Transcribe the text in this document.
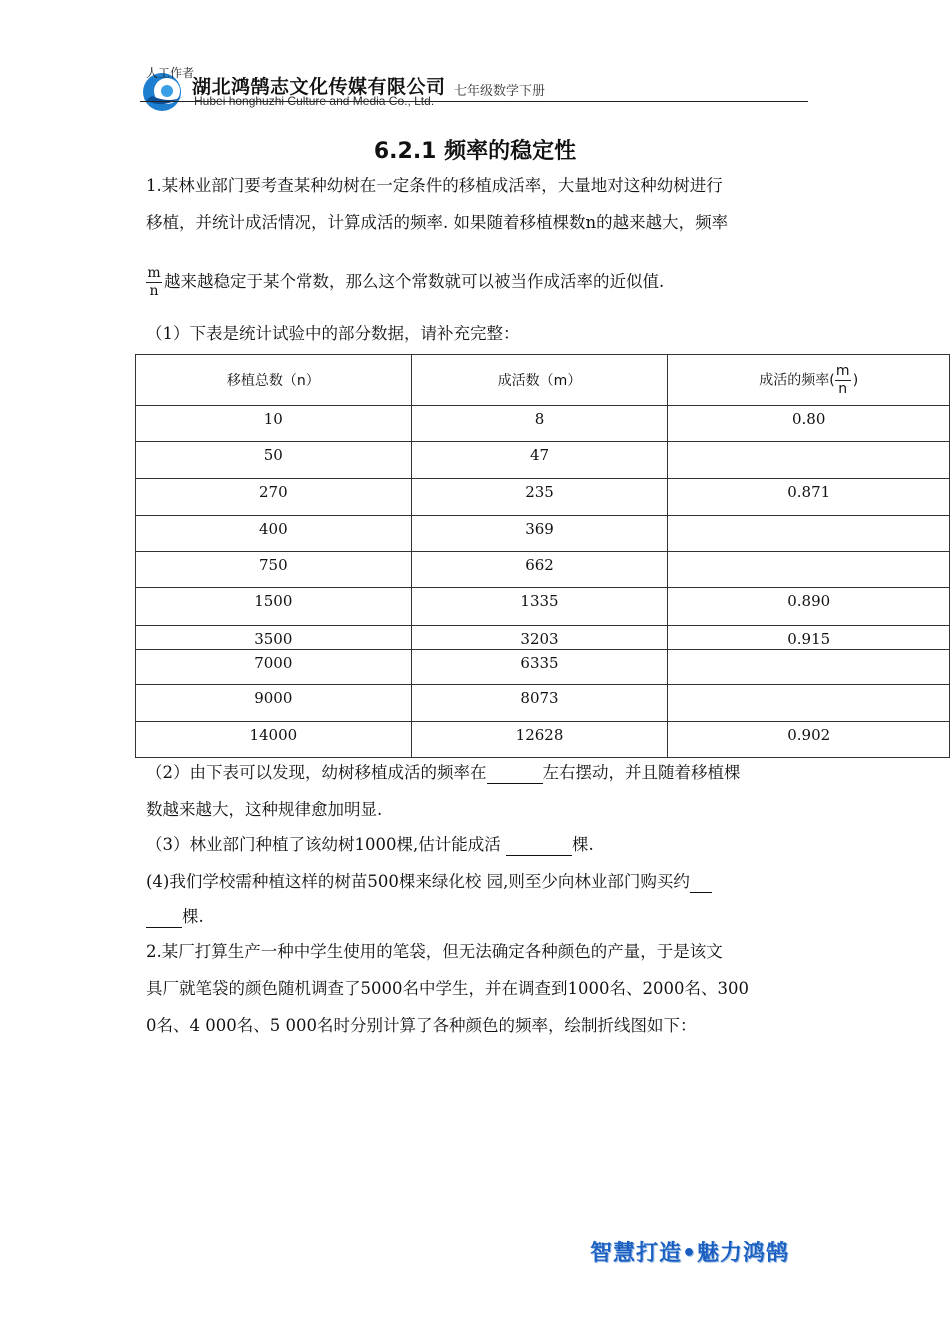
人工作者
湖北鸿鹄志文化传媒有限公司
Hubei honghuzhi Culture and Media Co., Ltd.
七年级数学下册
6.2.1 频率的稳定性
1.某林业部门要考查某种幼树在一定条件的移植成活率，大量地对这种幼树进行
移植，并统计成活情况，计算成活的频率. 如果随着移植棵数n的越来越大，频率
$\frac{m}{n}$ 越来越稳定于某个常数，那么这个常数就可以被当作成活率的近似值.
（1）下表是统计试验中的部分数据，请补充完整：
移植总数（n）	成活数（m）	成活的频率( $\frac{m}{n}$ )
10	8	0.80
50	47	
270	235	0.871
400	369	
750	662	
1500	1335	0.890
3500	3203	0.915
7000	6335	
9000	8073	
14000	12628	0.902
（2）由下表可以发现，幼树移植成活的频率在	左右摆动，并且随着移植棵
数越来越大，这种规律愈加明显.
（3）林业部门种植了该幼树1000棵,估计能成活	棵.
(4)我们学校需种植这样的树苗500棵来绿化校 园,则至少向林业部门购买约
棵.
2.某厂打算生产一种中学生使用的笔袋，但无法确定各种颜色的产量，于是该文
具厂就笔袋的颜色随机调查了5000名中学生，并在调查到1000名、2000名、300
0名、4 000名、5 000名时分别计算了各种颜色的频率，绘制折线图如下：
智慧打造•魅力鸿鹄
